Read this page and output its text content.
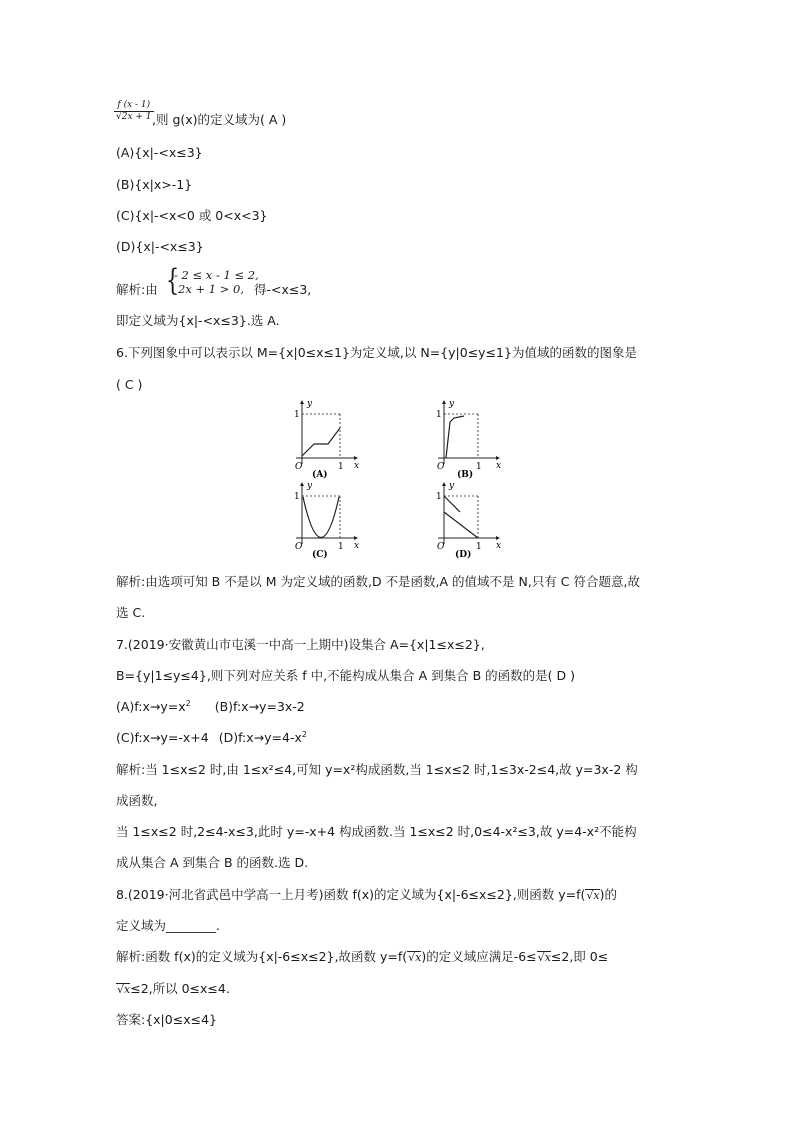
$\frac{f (x - 1)}{√2x + 1}$
,则 g(x)的定义域为( A )
(A){x|-<x≤3}
(B){x|x>-1}
(C){x|-<x<0 或 0<x<3}
(D){x|-<x≤3}
解析:由 {
- 2 ≤ x - 1 ≤ 2,
2x + 1 > 0, 得-<x≤3,
即定义域为{x|-<x≤3}.选 A.
6.下列图象中可以表示以 M={x|0≤x≤1}为定义域,以 N={y|0≤y≤1}为值域的函数的图象是
( C )
1
O	1 x
y
(A)
1
O	1 x
y
(B)
1
O	1 x
y
(C)
1
O	1 x
y
(D)
解析:由选项可知 B 不是以 M 为定义域的函数,D 不是函数,A 的值域不是 N,只有 C 符合题意,故
选 C.
7.(2019·安徽黄山市屯溪一中高一上期中)设集合 A={x|1≤x≤2},
B={y|1≤y≤4},则下列对应关系 f 中,不能构成从集合 A 到集合 B 的函数的是( D )
$(A)f:x\to y=x^2$ (B)f:x→y=3x-2
(C)f:x→y=-x+4 $(D)f:x\to y=4-x^2$
解析:当 1≤x≤2 时,由 1≤x²≤4,可知 y=x²构成函数,当 1≤x≤2 时,1≤3x-2≤4,故 y=3x-2 构
成函数,
当 1≤x≤2 时,2≤4-x≤3,此时 y=-x+4 构成函数.当 1≤x≤2 时,0≤4-x²≤3,故 y=4-x²不能构
成从集合 A 到集合 B 的函数.选 D.
8.(2019·河北省武邑中学高一上月考)函数 f(x)的定义域为{x|-6≤x≤2},则函数 y=f(√x)的
定义域为________.
解析:函数 f(x)的定义域为{x|-6≤x≤2},故函数 y=f(√x)的定义域应满足-6≤√x≤2,即 0≤
√x≤2,所以 0≤x≤4.
答案:{x|0≤x≤4}
